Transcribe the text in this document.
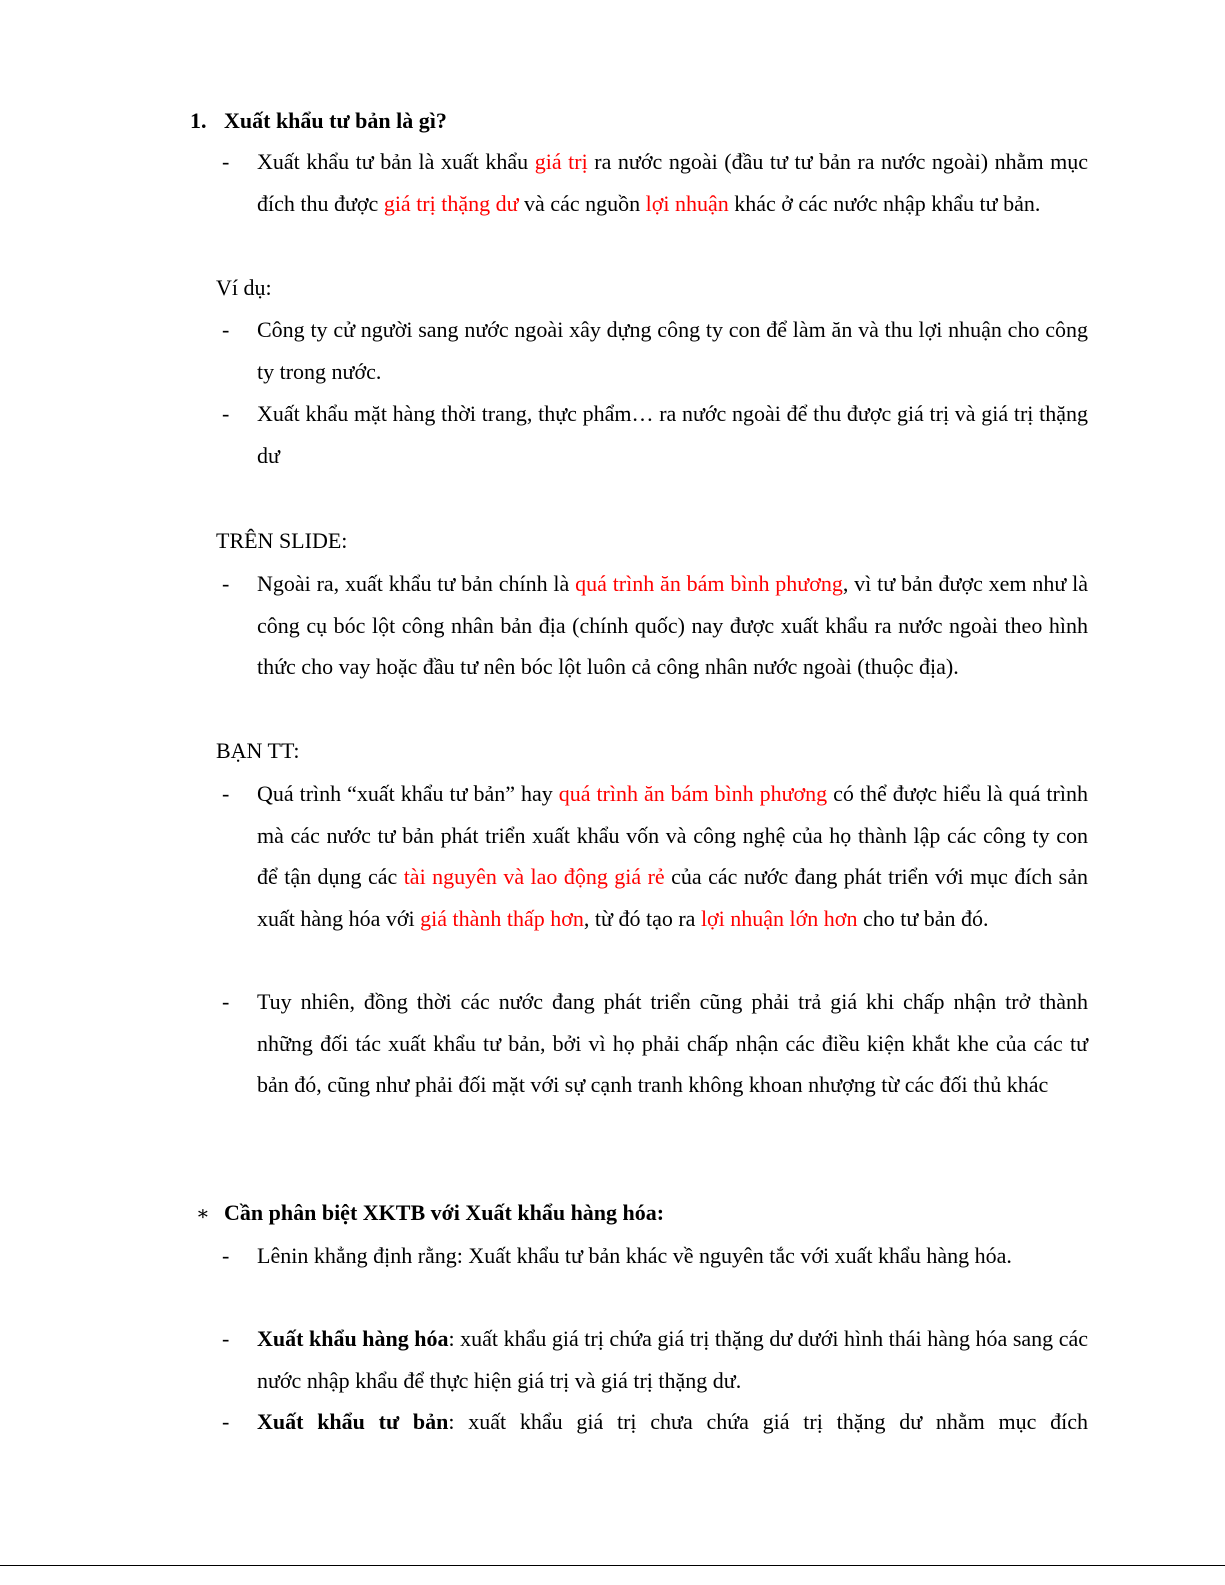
1. Xuất khẩu tư bản là gì?
-	Xuất khẩu tư bản là xuất khẩu giá trị ra nước ngoài (đầu tư tư bản ra nước ngoài) nhằm mục đích thu được giá trị thặng dư và các nguồn lợi nhuận khác ở các nước nhập khẩu tư bản.
Ví dụ:
-	Công ty cử người sang nước ngoài xây dựng công ty con để làm ăn và thu lợi nhuận cho công ty trong nước.
-	Xuất khẩu mặt hàng thời trang, thực phẩm… ra nước ngoài để thu được giá trị và giá trị thặng dư
TRÊN SLIDE:
-	Ngoài ra, xuất khẩu tư bản chính là quá trình ăn bám bình phương, vì tư bản được xem như là công cụ bóc lột công nhân bản địa (chính quốc) nay được xuất khẩu ra nước ngoài theo hình thức cho vay hoặc đầu tư nên bóc lột luôn cả công nhân nước ngoài (thuộc địa).
BẠN TT:
-	Quá trình “xuất khẩu tư bản” hay quá trình ăn bám bình phương có thể được hiểu là quá trình mà các nước tư bản phát triển xuất khẩu vốn và công nghệ của họ thành lập các công ty con để tận dụng các tài nguyên và lao động giá rẻ của các nước đang phát triển với mục đích sản xuất hàng hóa với giá thành thấp hơn, từ đó tạo ra lợi nhuận lớn hơn cho tư bản đó.
-	Tuy nhiên, đồng thời các nước đang phát triển cũng phải trả giá khi chấp nhận trở thành những đối tác xuất khẩu tư bản, bởi vì họ phải chấp nhận các điều kiện khắt khe của các tư bản đó, cũng như phải đối mặt với sự cạnh tranh không khoan nhượng từ các đối thủ khác
∗ Cần phân biệt XKTB với Xuất khẩu hàng hóa:
-	Lênin khẳng định rằng: Xuất khẩu tư bản khác về nguyên tắc với xuất khẩu hàng hóa.
-	Xuất khẩu hàng hóa: xuất khẩu giá trị chứa giá trị thặng dư dưới hình thái hàng hóa sang các nước nhập khẩu để thực hiện giá trị và giá trị thặng dư.
-	Xuất khẩu tư bản: xuất khẩu giá trị chưa chứa giá trị thặng dư nhằm mục đích
